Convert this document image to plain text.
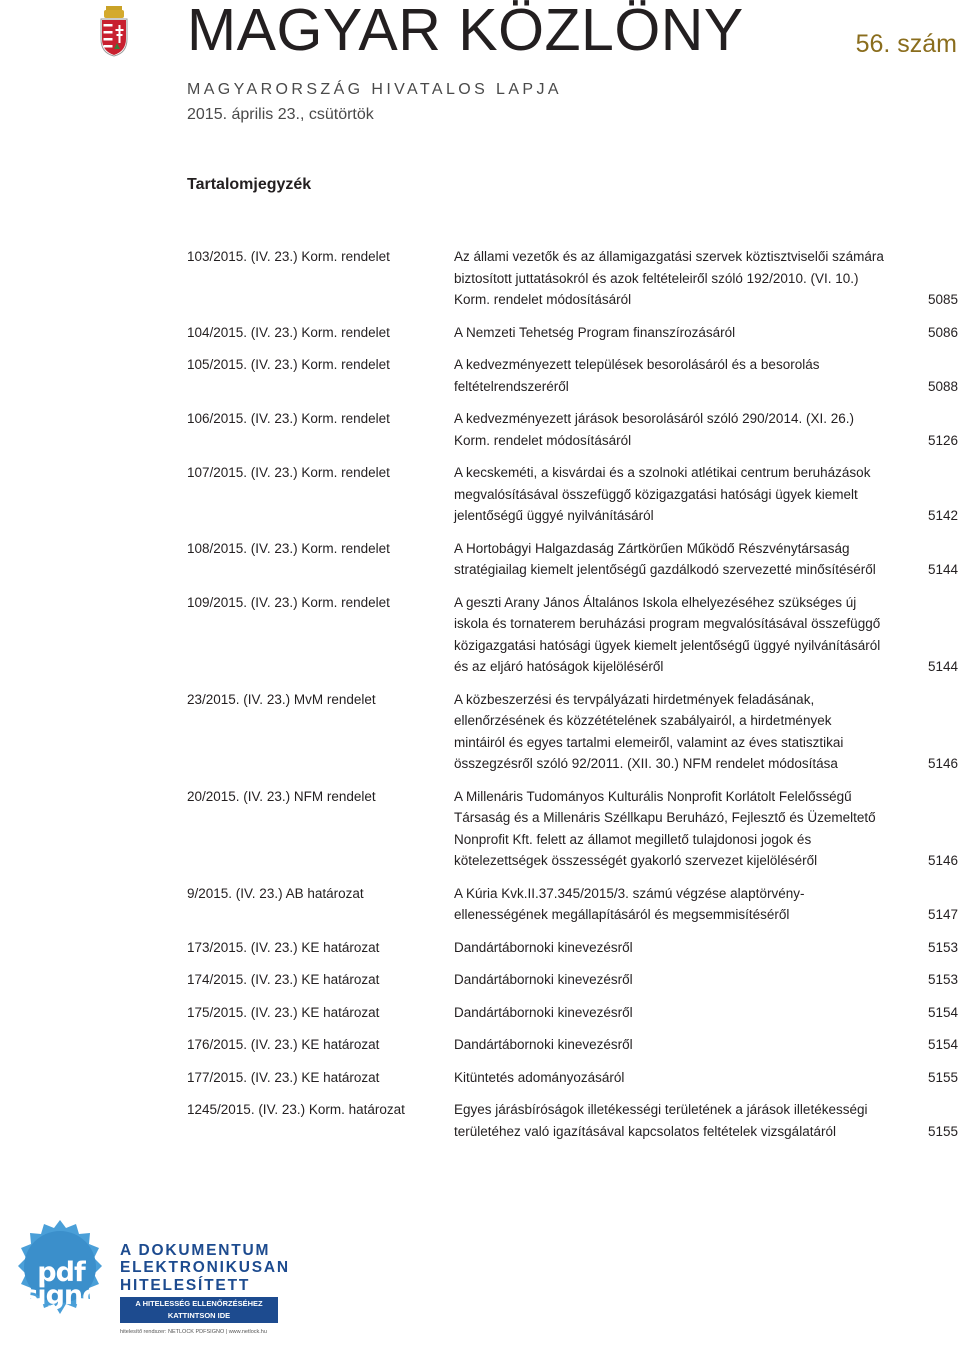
MAGYAR KÖZLÖNY	56. szám
MAGYARORSZÁG HIVATALOS LAPJA
2015. április 23., csütörtök
Tartalomjegyzék
103/2015. (IV. 23.) Korm. rendelet	Az állami vezetők és az államigazgatási szervek köztisztviselői számára biztosított juttatásokról és azok feltételeiről szóló 192/2010. (VI. 10.) Korm. rendelet módosításáról	5085
104/2015. (IV. 23.) Korm. rendelet	A Nemzeti Tehetség Program finanszírozásáról	5086
105/2015. (IV. 23.) Korm. rendelet	A kedvezményezett települések besorolásáról és a besorolás feltételrendszeréről	5088
106/2015. (IV. 23.) Korm. rendelet	A kedvezményezett járások besorolásáról szóló 290/2014. (XI. 26.) Korm. rendelet módosításáról	5126
107/2015. (IV. 23.) Korm. rendelet	A kecskeméti, a kisvárdai és a szolnoki atlétikai centrum beruházások megvalósításával összefüggő közigazgatási hatósági ügyek kiemelt jelentőségű üggyé nyilvánításáról	5142
108/2015. (IV. 23.) Korm. rendelet	A Hortobágyi Halgazdaság Zártkörűen Működő Részvénytársaság stratégiailag kiemelt jelentőségű gazdálkodó szervezetté minősítéséről	5144
109/2015. (IV. 23.) Korm. rendelet	A geszti Arany János Általános Iskola elhelyezéséhez szükséges új iskola és tornaterem beruházási program megvalósításával összefüggő közigazgatási hatósági ügyek kiemelt jelentőségű üggyé nyilvánításáról és az eljáró hatóságok kijelöléséről	5144
23/2015. (IV. 23.) MvM rendelet	A közbeszerzési és tervpályázati hirdetmények feladásának, ellenőrzésének és közzétételének szabályairól, a hirdetmények mintáiról és egyes tartalmi elemeiről, valamint az éves statisztikai összegzésről szóló 92/2011. (XII. 30.) NFM rendelet módosítása	5146
20/2015. (IV. 23.) NFM rendelet	A Millenáris Tudományos Kulturális Nonprofit Korlátolt Felelősségű Társaság és a Millenáris Széllkapu Beruházó, Fejlesztő és Üzemeltető Nonprofit Kft. felett az államot megillető tulajdonosi jogok és kötelezettségek összességét gyakorló szervezet kijelöléséről	5146
9/2015. (IV. 23.) AB határozat	A Kúria Kvk.II.37.345/2015/3. számú végzése alaptörvény-ellenességének megállapításáról és megsemmisítéséről	5147
173/2015. (IV. 23.) KE határozat	Dandártábornoki kinevezésről	5153
174/2015. (IV. 23.) KE határozat	Dandártábornoki kinevezésről	5153
175/2015. (IV. 23.) KE határozat	Dandártábornoki kinevezésről	5154
176/2015. (IV. 23.) KE határozat	Dandártábornoki kinevezésről	5154
177/2015. (IV. 23.) KE határozat	Kitüntetés adományozásáról	5155
1245/2015. (IV. 23.) Korm. határozat	Egyes járásbíróságok illetékességi területének a járások illetékességi területéhez való igazításával kapcsolatos feltételek vizsgálatáról	5155
pdf signo
A DOKUMENTUM
ELEKTRONIKUSAN
HITELESÍTETT
A HITELESSÉG ELLENŐRZÉSÉHEZ
KATTINTSON IDE
hitelesítő rendszer: NETLOCK PDFSIGNO | www.netlock.hu
